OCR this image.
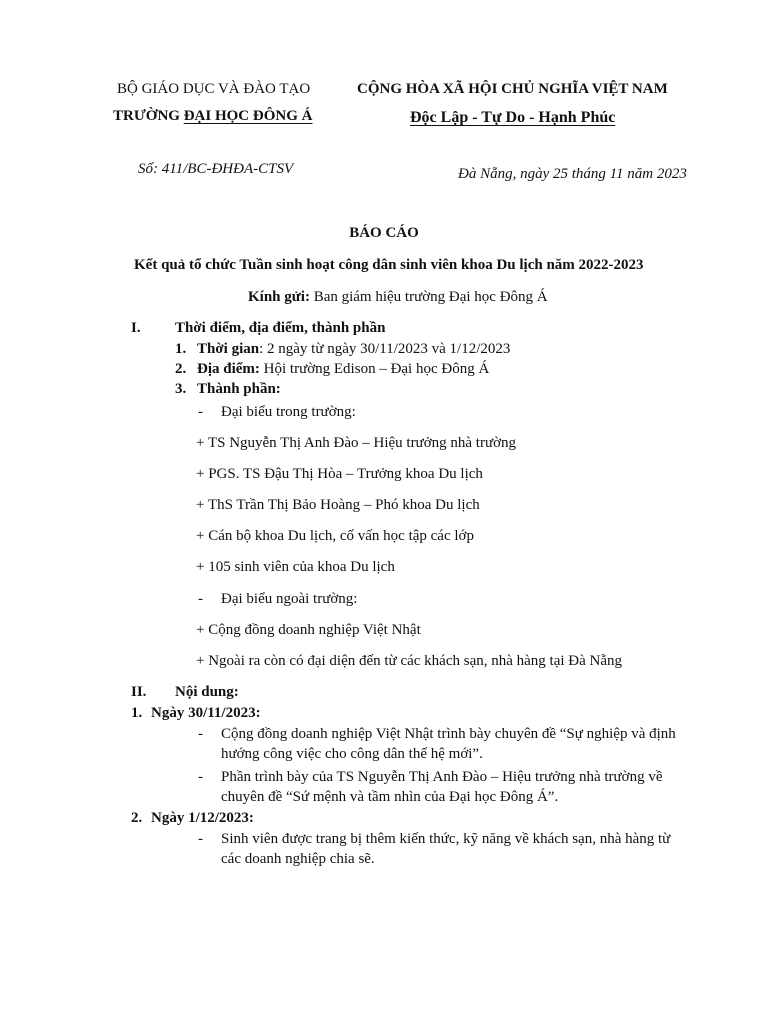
BỘ GIÁO DỤC VÀ ĐÀO TẠO
TRƯỜNG ĐẠI HỌC ĐÔNG Á
CỘNG HÒA XÃ HỘI CHỦ NGHĨA VIỆT NAM
Độc Lập - Tự Do - Hạnh Phúc
Số: 411/BC-ĐHĐA-CTSV	Đà Nẵng, ngày 25 tháng 11 năm 2023
BÁO CÁO
Kết quả tổ chức Tuần sinh hoạt công dân sinh viên khoa Du lịch năm 2022-2023
Kính gửi: Ban giám hiệu trường Đại học Đông Á
I. Thời điểm, địa điểm, thành phần
1. Thời gian: 2 ngày từ ngày 30/11/2023 và 1/12/2023
2. Địa điểm: Hội trường Edison – Đại học Đông Á
3. Thành phần:
- Đại biểu trong trường:
+ TS Nguyễn Thị Anh Đào – Hiệu trưởng nhà trường
+ PGS. TS Đậu Thị Hòa – Trưởng khoa Du lịch
+ ThS Trần Thị Bảo Hoàng – Phó khoa Du lịch
+ Cán bộ khoa Du lịch, cố vấn học tập các lớp
+ 105 sinh viên của khoa Du lịch
- Đại biểu ngoài trường:
+ Cộng đồng doanh nghiệp Việt Nhật
+ Ngoài ra còn có đại diện đến từ các khách sạn, nhà hàng tại Đà Nẵng
II. Nội dung:
1. Ngày 30/11/2023:
- Cộng đồng doanh nghiệp Việt Nhật trình bày chuyên đề “Sự nghiệp và định
hướng công việc cho công dân thế hệ mới”.
- Phần trình bày của TS Nguyễn Thị Anh Đào – Hiệu trưởng nhà trường về
chuyên đề “Sứ mệnh và tầm nhìn của Đại học Đông Á”.
2. Ngày 1/12/2023:
- Sinh viên được trang bị thêm kiến thức, kỹ năng về khách sạn, nhà hàng từ
các doanh nghiệp chia sẽ.
